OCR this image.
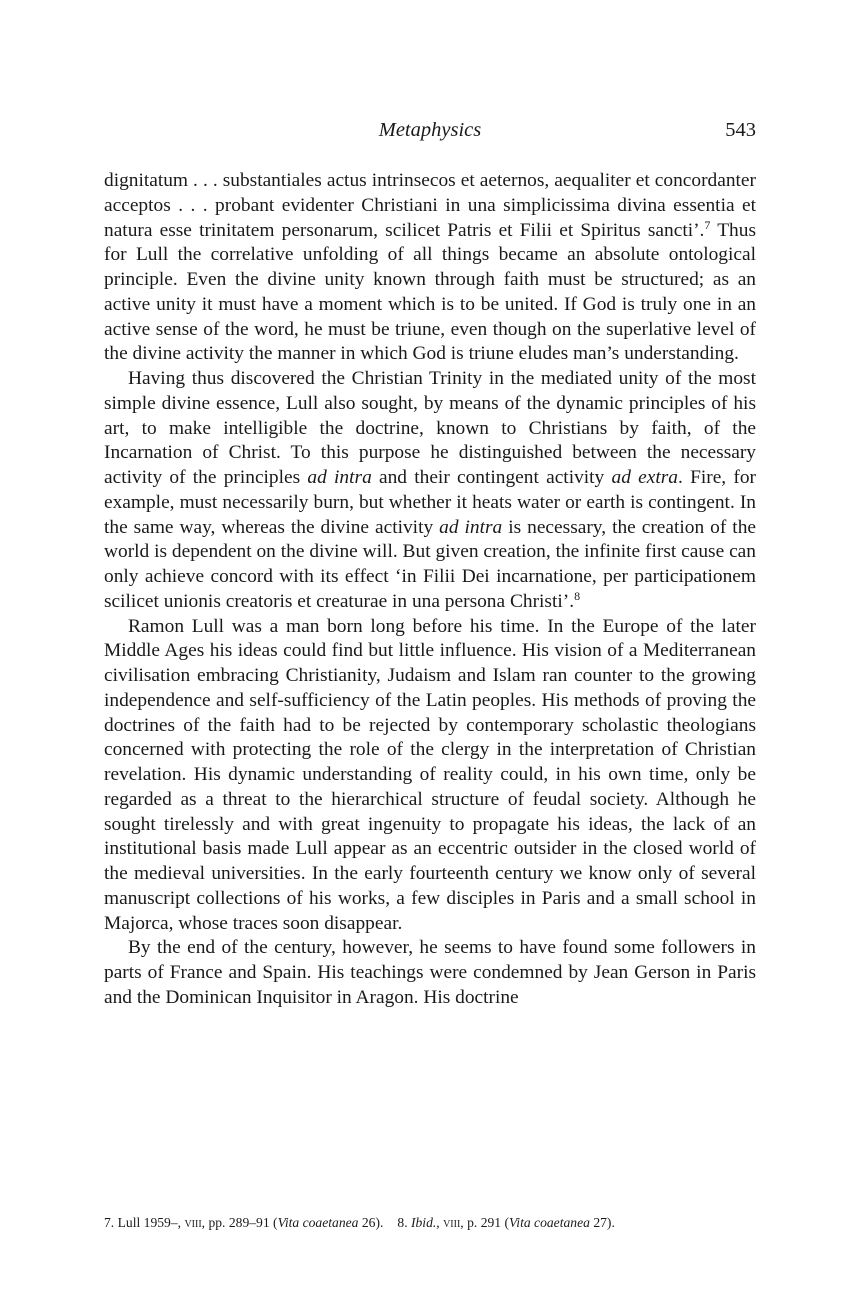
Metaphysics	543

dignitatum . . . substantiales actus intrinsecos et aeternos, aequaliter et concordanter acceptos . . . probant evidenter Christiani in una simplicissima divina essentia et natura esse trinitatem personarum, scilicet Patris et Filii et Spiritus sancti’.$^7$ Thus for Lull the correlative unfolding of all things became an absolute ontological principle. Even the divine unity known through faith must be structured; as an active unity it must have a moment which is to be united. If God is truly one in an active sense of the word, he must be triune, even though on the superlative level of the divine activity the manner in which God is triune eludes man’s understanding.

Having thus discovered the Christian Trinity in the mediated unity of the most simple divine essence, Lull also sought, by means of the dynamic principles of his art, to make intelligible the doctrine, known to Christians by faith, of the Incarnation of Christ. To this purpose he distinguished between the necessary activity of the principles ad intra and their contingent activity ad extra. Fire, for example, must necessarily burn, but whether it heats water or earth is contingent. In the same way, whereas the divine activity ad intra is necessary, the creation of the world is dependent on the divine will. But given creation, the infinite first cause can only achieve concord with its effect ‘in Filii Dei incarnatione, per participationem scilicet unionis creatoris et creaturae in una persona Christi’.$^8$

Ramon Lull was a man born long before his time. In the Europe of the later Middle Ages his ideas could find but little influence. His vision of a Mediterranean civilisation embracing Christianity, Judaism and Islam ran counter to the growing independence and self-sufficiency of the Latin peoples. His methods of proving the doctrines of the faith had to be rejected by contemporary scholastic theologians concerned with protecting the role of the clergy in the interpretation of Christian revelation. His dynamic understanding of reality could, in his own time, only be regarded as a threat to the hierarchical structure of feudal society. Although he sought tirelessly and with great ingenuity to propagate his ideas, the lack of an institutional basis made Lull appear as an eccentric outsider in the closed world of the medieval universities. In the early fourteenth century we know only of several manuscript collections of his works, a few disciples in Paris and a small school in Majorca, whose traces soon disappear.

By the end of the century, however, he seems to have found some followers in parts of France and Spain. His teachings were condemned by Jean Gerson in Paris and the Dominican Inquisitor in Aragon. His doctrine

7. Lull 1959–, viii, pp. 289–91 (Vita coaetanea 26). 8. Ibid., viii, p. 291 (Vita coaetanea 27).
